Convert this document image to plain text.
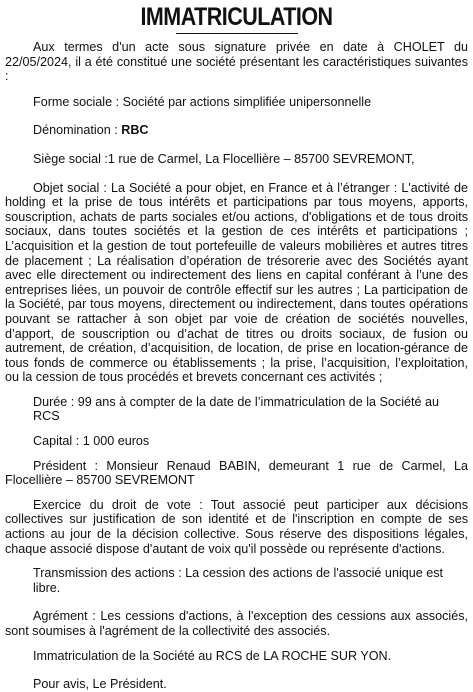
IMMATRICULATION

Aux termes d'un acte sous signature privée en date à CHOLET du 22/05/2024, il a été constitué une société présentant les caractéristiques suivantes :

Forme sociale : Société par actions simplifiée unipersonnelle

Dénomination : RBC

Siège social :1 rue de Carmel, La Flocellière – 85700 SEVREMONT,

Objet social : La Société a pour objet, en France et à l’étranger : L'activité de holding et la prise de tous intérêts et participations par tous moyens, apports, souscription, achats de parts sociales et/ou actions, d'obligations et de tous droits sociaux, dans toutes sociétés et la gestion de ces intérêts et participations ; L’acquisition et la gestion de tout portefeuille de valeurs mobilières et autres titres de placement ; La réalisation d’opération de trésorerie avec des Sociétés ayant avec elle directement ou indirectement des liens en capital conférant à l’une des entreprises liées, un pouvoir de contrôle effectif sur les autres ; La participation de la Société, par tous moyens, directement ou indirectement, dans toutes opérations pouvant se rattacher à son objet par voie de création de sociétés nouvelles, d’apport, de souscription ou d’achat de titres ou droits sociaux, de fusion ou autrement, de création, d’acquisition, de location, de prise en location-gérance de tous fonds de commerce ou établissements ; la prise, l’acquisition, l’exploitation, ou la cession de tous procédés et brevets concernant ces activités ;

Durée : 99 ans à compter de la date de l’immatriculation de la Société au RCS

Capital : 1 000 euros

Président : Monsieur Renaud BABIN, demeurant 1 rue de Carmel, La Flocellière – 85700 SEVREMONT

Exercice du droit de vote : Tout associé peut participer aux décisions collectives sur justification de son identité et de l'inscription en compte de ses actions au jour de la décision collective. Sous réserve des dispositions légales, chaque associé dispose d'autant de voix qu'il possède ou représente d'actions.

Transmission des actions : La cession des actions de l'associé unique est libre.

Agrément : Les cessions d'actions, à l'exception des cessions aux associés, sont soumises à l'agrément de la collectivité des associés.

Immatriculation de la Société au RCS de LA ROCHE SUR YON.

Pour avis, Le Président.
